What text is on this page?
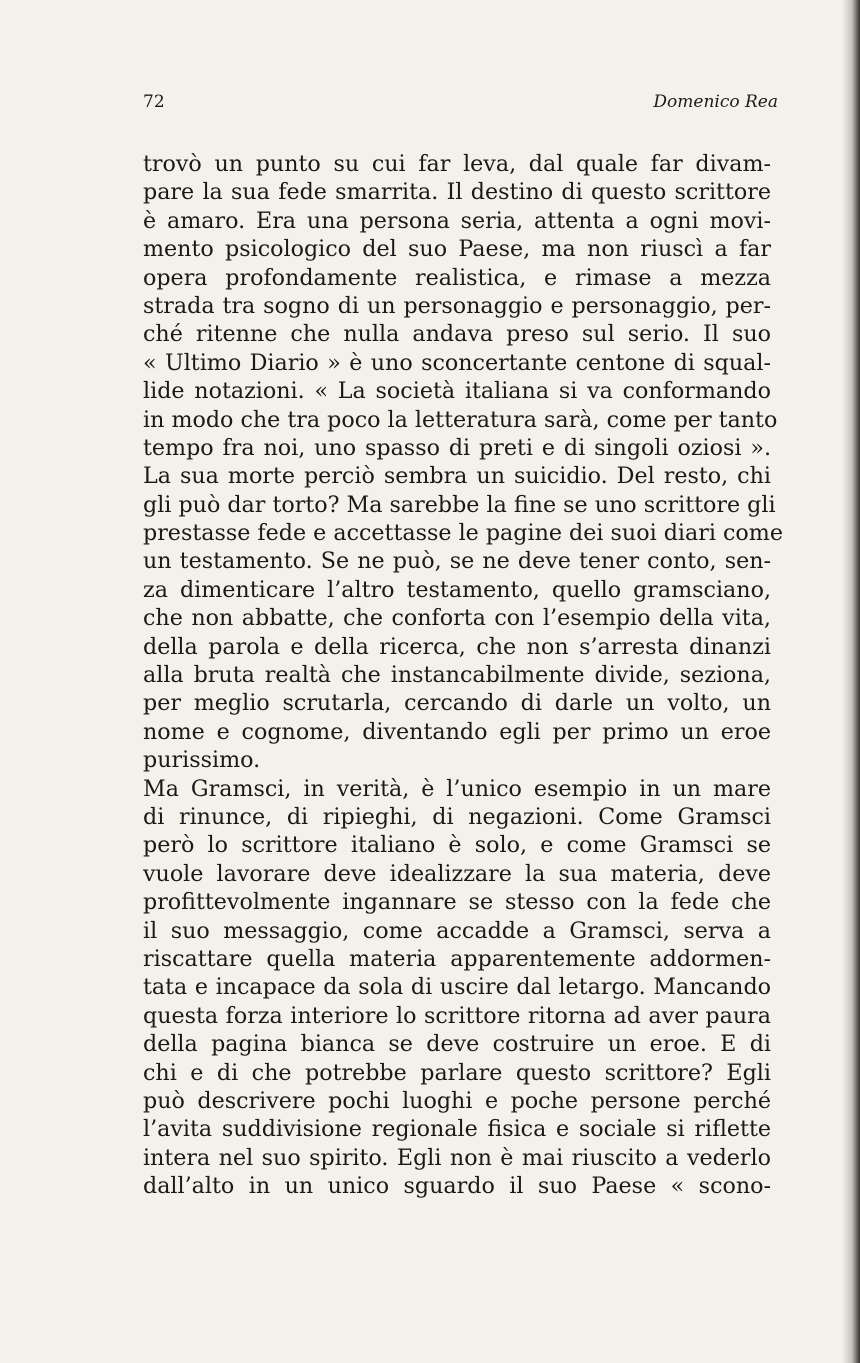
72	Domenico Rea
trovò un punto su cui far leva, dal quale far divam-
pare la sua fede smarrita. Il destino di questo scrittore
è amaro. Era una persona seria, attenta a ogni movi-
mento psicologico del suo Paese, ma non riuscì a far
opera profondamente realistica, e rimase a mezza
strada tra sogno di un personaggio e personaggio, per-
ché ritenne che nulla andava preso sul serio. Il suo
« Ultimo Diario » è uno sconcertante centone di squal-
lide notazioni. « La società italiana si va conformando
in modo che tra poco la letteratura sarà, come per tanto
tempo fra noi, uno spasso di preti e di singoli oziosi ».
La sua morte perciò sembra un suicidio. Del resto, chi
gli può dar torto? Ma sarebbe la fine se uno scrittore gli
prestasse fede e accettasse le pagine dei suoi diari come
un testamento. Se ne può, se ne deve tener conto, sen-
za dimenticare l’altro testamento, quello gramsciano,
che non abbatte, che conforta con l’esempio della vita,
della parola e della ricerca, che non s’arresta dinanzi
alla bruta realtà che instancabilmente divide, seziona,
per meglio scrutarla, cercando di darle un volto, un
nome e cognome, diventando egli per primo un eroe
purissimo.
Ma Gramsci, in verità, è l’unico esempio in un mare
di rinunce, di ripieghi, di negazioni. Come Gramsci
però lo scrittore italiano è solo, e come Gramsci se
vuole lavorare deve idealizzare la sua materia, deve
profittevolmente ingannare se stesso con la fede che
il suo messaggio, come accadde a Gramsci, serva a
riscattare quella materia apparentemente addormen-
tata e incapace da sola di uscire dal letargo. Mancando
questa forza interiore lo scrittore ritorna ad aver paura
della pagina bianca se deve costruire un eroe. E di
chi e di che potrebbe parlare questo scrittore? Egli
può descrivere pochi luoghi e poche persone perché
l’avita suddivisione regionale fisica e sociale si riflette
intera nel suo spirito. Egli non è mai riuscito a vederlo
dall’alto in un unico sguardo il suo Paese « scono-
